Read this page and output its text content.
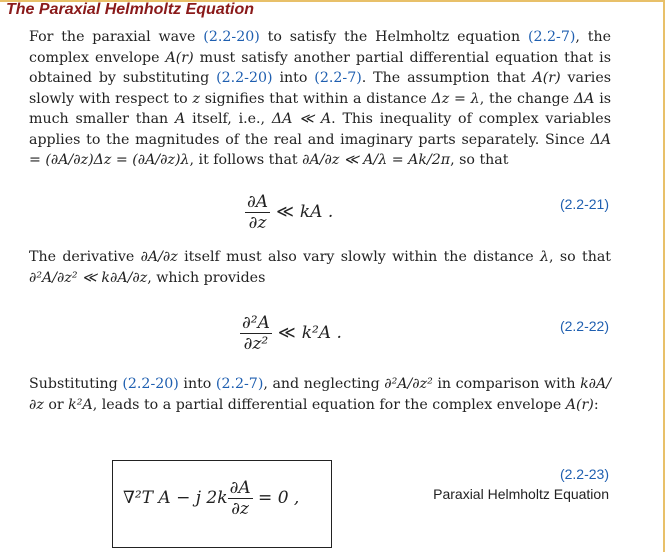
The Paraxial Helmholtz Equation

For the paraxial wave (2.2-20) to satisfy the Helmholtz equation (2.2-7), the complex envelope A(r) must satisfy another partial differential equation that is obtained by substituting (2.2-20) into (2.2-7). The assumption that A(r) varies slowly with respect to z signifies that within a distance Δz = λ, the change ΔA is much smaller than A itself, i.e., ΔA ≪ A. This inequality of complex variables applies to the magnitudes of the real and imaginary parts separately. Since ΔA = (∂A/∂z)Δz = (∂A/∂z)λ, it follows that ∂A/∂z ≪ A/λ = Ak/2π, so that

$\frac{\partial A}{\partial z}$ ≪ kA .	(2.2-21)

The derivative ∂A/∂z itself must also vary slowly within the distance λ, so that ∂²A/∂z² ≪ k∂A/∂z, which provides

$\frac{\text{∂²A}}{\text{∂z²}}$ ≪ k²A .	(2.2-22)

Substituting (2.2-20) into (2.2-7), and neglecting ∂²A/∂z² in comparison with k∂A/∂z or k²A, leads to a partial differential equation for the complex envelope A(r):

∇²T A − j $2k \frac{\partial A}{\partial z} = 0$ ,
(2.2-23)
Paraxial Helmholtz Equation
